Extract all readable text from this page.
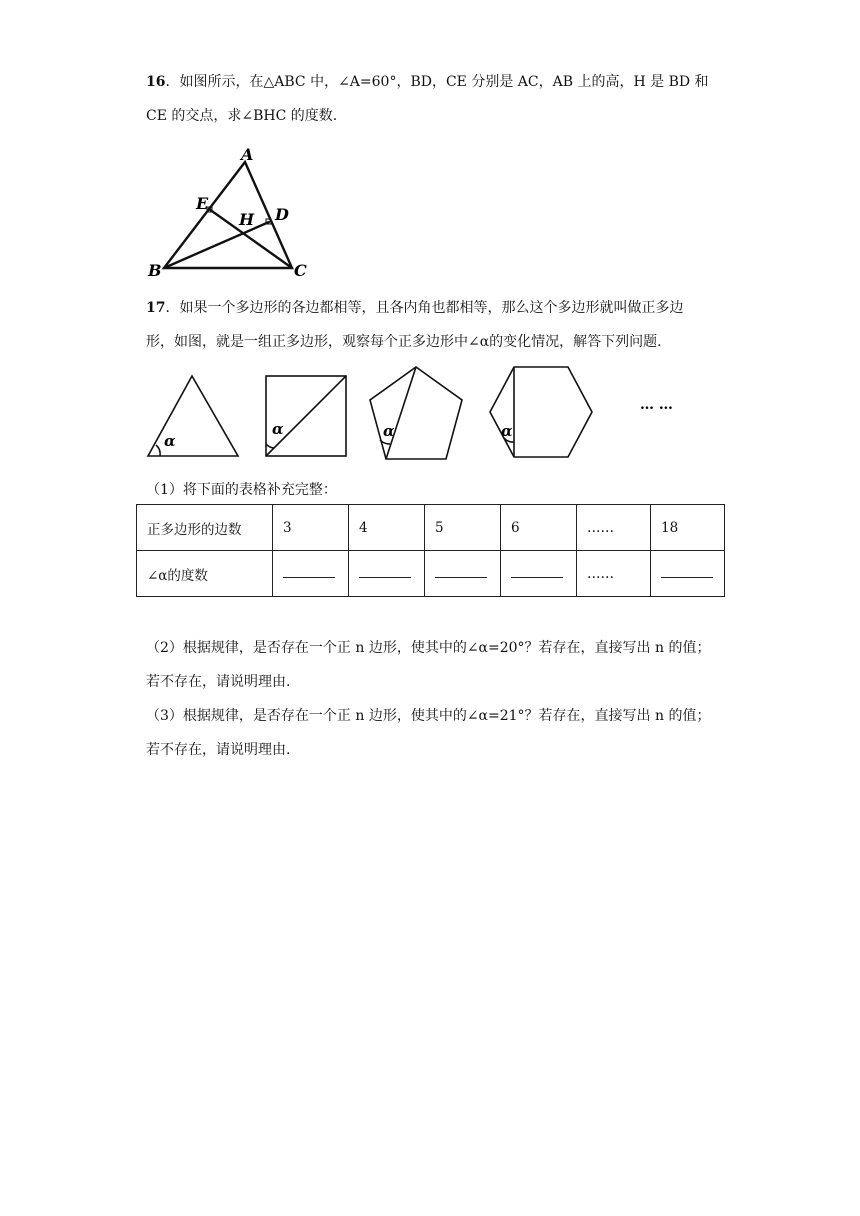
16．如图所示，在△ABC 中，∠A=60°，BD，CE 分别是 AC，AB 上的高，H 是 BD 和
CE 的交点，求∠BHC 的度数.
A
E
H D
B	C
17．如果一个多边形的各边都相等，且各内角也都相等，那么这个多边形就叫做正多边
形，如图，就是一组正多边形，观察每个正多边形中∠α的变化情况，解答下列问题.
α
α	α	α
… …
（1）将下面的表格补充完整：
正多边形的边数	3	4	5	6	……	18
∠α的度数					……	
（2）根据规律，是否存在一个正 n 边形，使其中的∠α=20°？若存在，直接写出 n 的值；
若不存在，请说明理由.
（3）根据规律，是否存在一个正 n 边形，使其中的∠α=21°？若存在，直接写出 n 的值；
若不存在，请说明理由.
